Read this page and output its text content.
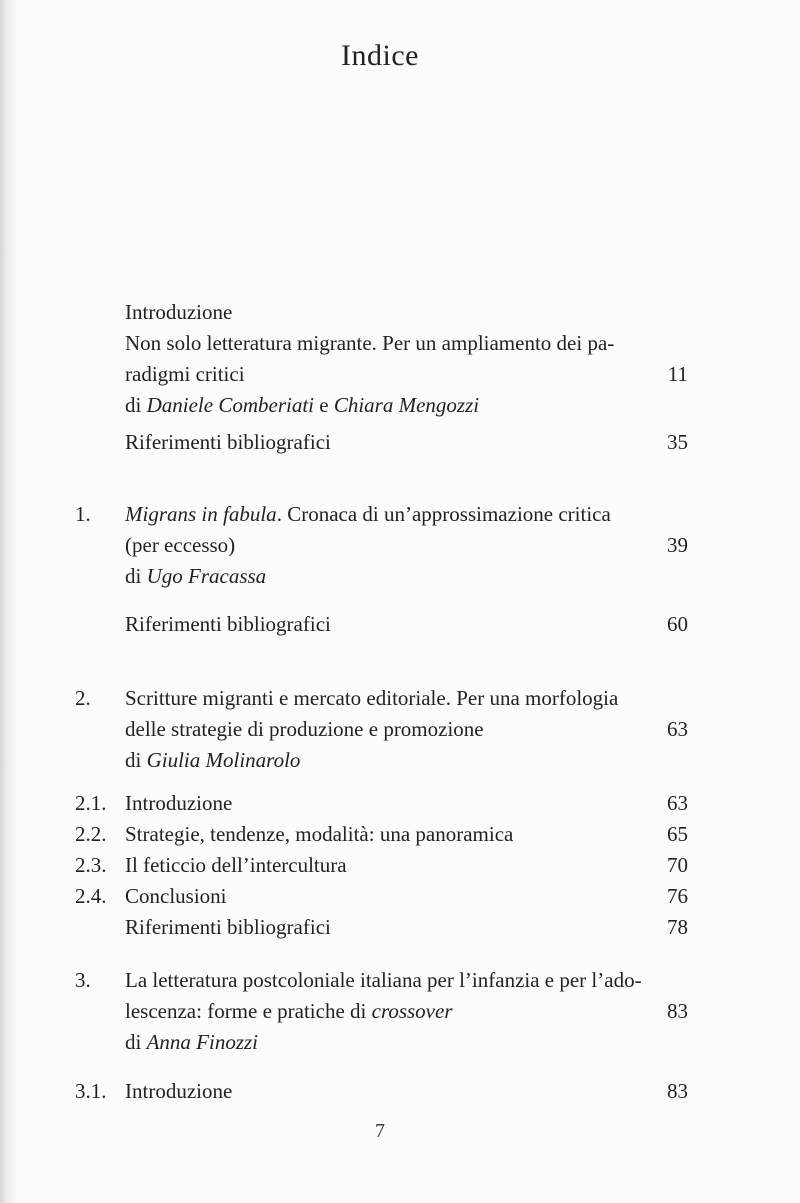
Indice
Introduzione
Non solo letteratura migrante. Per un ampliamento dei pa-
radigmi critici	11
di Daniele Comberiati e Chiara Mengozzi
Riferimenti bibliografici	35
1.	Migrans in fabula. Cronaca di un’approssimazione critica
(per eccesso)	39
di Ugo Fracassa
Riferimenti bibliografici	60
2.	Scritture migranti e mercato editoriale. Per una morfologia
delle strategie di produzione e promozione	63
di Giulia Molinarolo
2.1. Introduzione	63
2.2. Strategie, tendenze, modalità: una panoramica	65
2.3. Il feticcio dell’intercultura	70
2.4. Conclusioni	76
Riferimenti bibliografici	78
3.	La letteratura postcoloniale italiana per l’infanzia e per l’ado-
lescenza: forme e pratiche di crossover	83
di Anna Finozzi
3.1. Introduzione	83
7
